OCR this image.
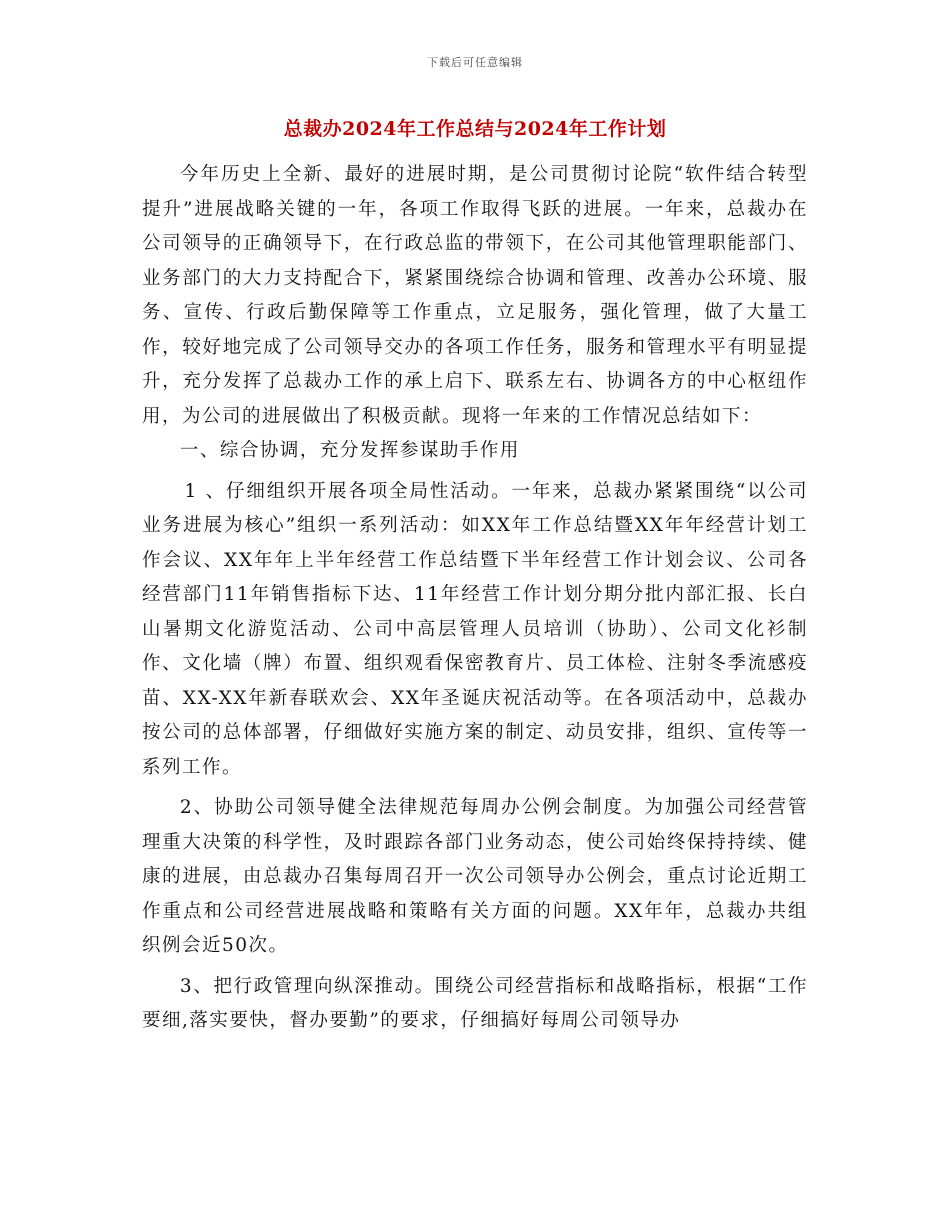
下载后可任意编辑
总裁办2024年工作总结与2024年工作计划

今年历史上全新、最好的进展时期，是公司贯彻讨论院“软件结合转型提升”进展战略关键的一年，各项工作取得飞跃的进展。一年来，总裁办在公司领导的正确领导下，在行政总监的带领下，在公司其他管理职能部门、业务部门的大力支持配合下，紧紧围绕综合协调和管理、改善办公环境、服务、宣传、行政后勤保障等工作重点，立足服务，强化管理，做了大量工作，较好地完成了公司领导交办的各项工作任务，服务和管理水平有明显提升，充分发挥了总裁办工作的承上启下、联系左右、协调各方的中心枢纽作用，为公司的进展做出了积极贡献。现将一年来的工作情况总结如下：

一、综合协调，充分发挥参谋助手作用

1 、仔细组织开展各项全局性活动。一年来，总裁办紧紧围绕“以公司业务进展为核心”组织一系列活动：如XX年工作总结暨XX年年经营计划工作会议、XX年年上半年经营工作总结暨下半年经营工作计划会议、公司各经营部门11年销售指标下达、11年经营工作计划分期分批内部汇报、长白山暑期文化游览活动、公司中高层管理人员培训（协助）、公司文化衫制作、文化墙（牌）布置、组织观看保密教育片、员工体检、注射冬季流感疫苗、XX-XX年新春联欢会、XX年圣诞庆祝活动等。在各项活动中，总裁办按公司的总体部署，仔细做好实施方案的制定、动员安排，组织、宣传等一系列工作。

2、协助公司领导健全法律规范每周办公例会制度。为加强公司经营管理重大决策的科学性，及时跟踪各部门业务动态，使公司始终保持持续、健康的进展，由总裁办召集每周召开一次公司领导办公例会，重点讨论近期工作重点和公司经营进展战略和策略有关方面的问题。XX年年，总裁办共组织例会近50次。

3、把行政管理向纵深推动。围绕公司经营指标和战略指标，根据“工作要细,落实要快，督办要勤”的要求，仔细搞好每周公司领导办
